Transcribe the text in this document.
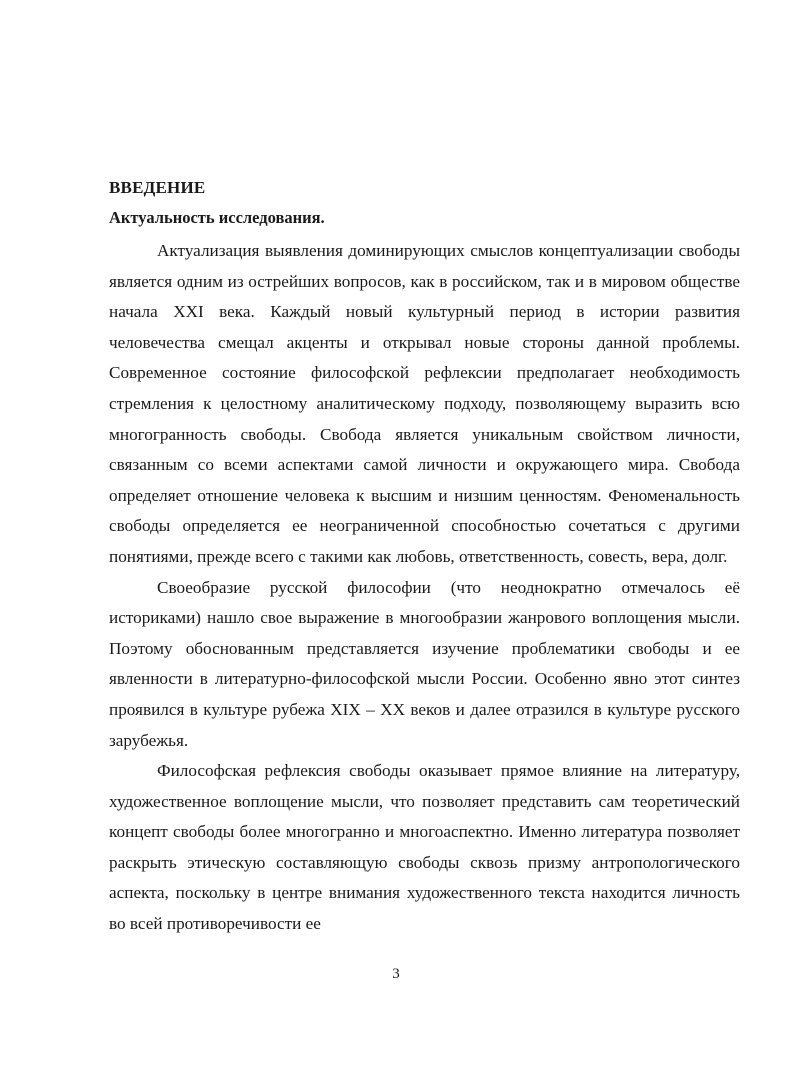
ВВЕДЕНИЕ
Актуальность исследования.

Актуализация выявления доминирующих смыслов концептуализации свободы является одним из острейших вопросов, как в российском, так и в мировом обществе начала XXI века. Каждый новый культурный период в истории развития человечества смещал акценты и открывал новые стороны данной проблемы. Современное состояние философской рефлексии предполагает необходимость стремления к целостному аналитическому подходу, позволяющему выразить всю многогранность свободы. Свобода является уникальным свойством личности, связанным со всеми аспектами самой личности и окружающего мира. Свобода определяет отношение человека к высшим и низшим ценностям. Феноменальность свободы определяется ее неограниченной способностью сочетаться с другими понятиями, прежде всего с такими как любовь, ответственность, совесть, вера, долг.

Своеобразие русской философии (что неоднократно отмечалось её историками) нашло свое выражение в многообразии жанрового воплощения мысли. Поэтому обоснованным представляется изучение проблематики свободы и ее явленности в литературно-философской мысли России. Особенно явно этот синтез проявился в культуре рубежа XIX – XX веков и далее отразился в культуре русского зарубежья.

Философская рефлексия свободы оказывает прямое влияние на литературу, художественное воплощение мысли, что позволяет представить сам теоретический концепт свободы более многогранно и многоаспектно. Именно литература позволяет раскрыть этическую составляющую свободы сквозь призму антропологического аспекта, поскольку в центре внимания художественного текста находится личность во всей противоречивости ее

3
